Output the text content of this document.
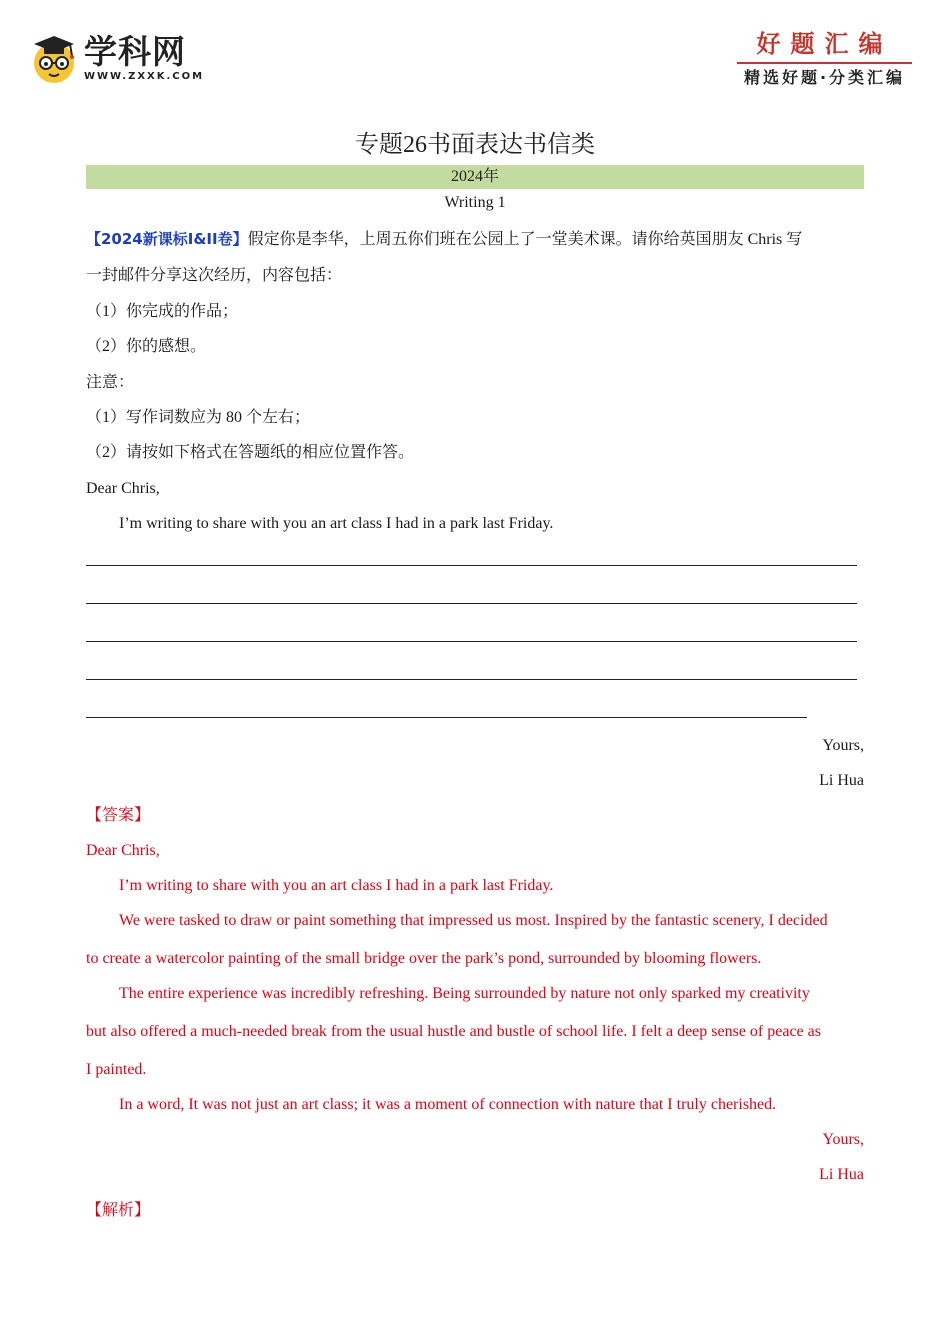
学科网
WWW.ZXXK.COM
好题汇编
精选好题·分类汇编
专题26书面表达书信类
2024年
Writing 1
【2024新课标Ⅰ&II卷】假定你是李华，上周五你们班在公园上了一堂美术课。请你给英国朋友 Chris 写
一封邮件分享这次经历，内容包括：
（1）你完成的作品；
（2）你的感想。
注意：
（1）写作词数应为 80 个左右；
（2）请按如下格式在答题纸的相应位置作答。
Dear Chris,
I’m writing to share with you an art class I had in a park last Friday.
Yours,
Li Hua
【答案】
Dear Chris,
I’m writing to share with you an art class I had in a park last Friday.
We were tasked to draw or paint something that impressed us most. Inspired by the fantastic scenery, I decided
to create a watercolor painting of the small bridge over the park’s pond, surrounded by blooming flowers.
The entire experience was incredibly refreshing. Being surrounded by nature not only sparked my creativity
but also offered a much-needed break from the usual hustle and bustle of school life. I felt a deep sense of peace as
I painted.
In a word, It was not just an art class; it was a moment of connection with nature that I truly cherished.
Yours,
Li Hua
【解析】
